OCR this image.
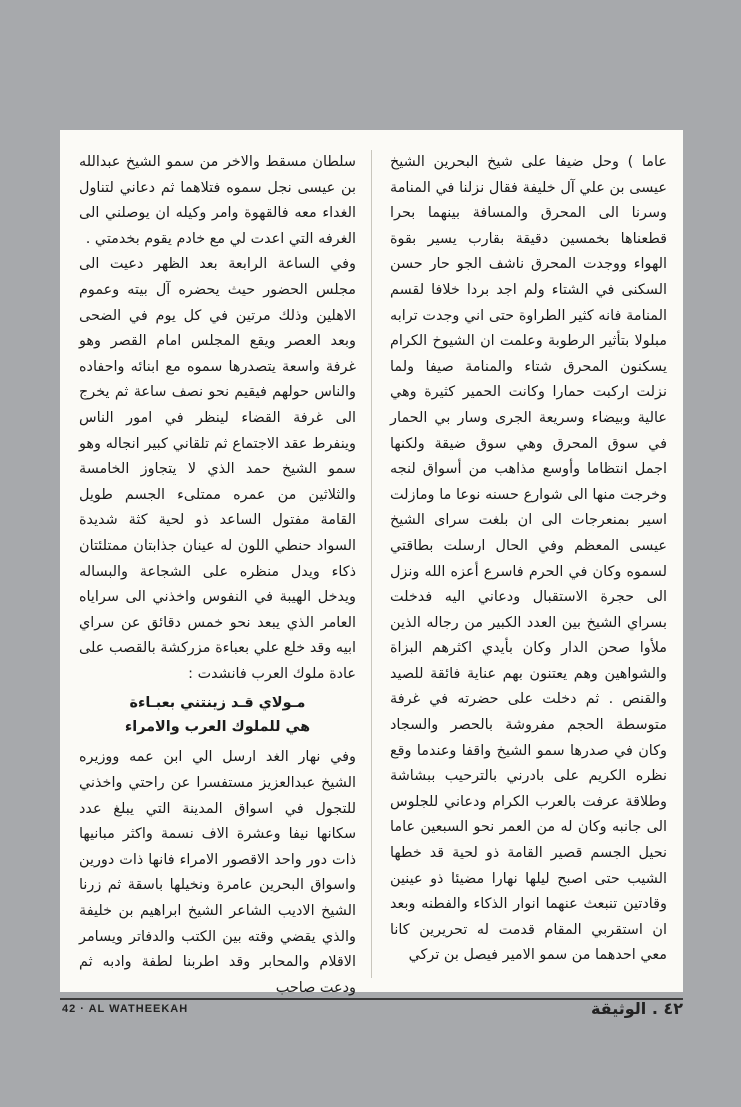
عاما ) وحل ضيفا على شيخ البحرين الشيخ عيسى بن علي آل خليفة فقال نزلنا في المنامة وسرنا الى المحرق والمسافة بينهما بحرا قطعناها بخمسين دقيقة بقارب يسير بقوة الهواء ووجدت المحرق ناشف الجو حار حسن السكنى في الشتاء ولم اجد بردا خلافا لقسم المنامة فانه كثير الطراوة حتى اني وجدت ترابه مبلولا بتأثير الرطوبة وعلمت ان الشيوخ الكرام يسكنون المحرق شتاء والمنامة صيفا ولما نزلت اركبت حمارا وكانت الحمير كثيرة وهي عالية وبيضاء وسريعة الجرى وسار بي الحمار في سوق المحرق وهي سوق ضيقة ولكنها اجمل انتظاما وأوسع مذاهب من أسواق لنجه وخرجت منها الى شوارع حسنه نوعا ما ومازلت اسير بمنعرجات الى ان بلغت سراى الشيخ عيسى المعظم وفي الحال ارسلت بطاقتي لسموه وكان في الحرم فاسرع أعزه الله ونزل الى حجرة الاستقبال ودعاني اليه فدخلت بسراي الشيخ بين العدد الكبير من رجاله الذين ملأوا صحن الدار وكان بأيدي اكثرهم البزاة والشواهين وهم يعتنون بهم عناية فائقة للصيد والقنص . ثم دخلت على حضرته في غرفة متوسطة الحجم مفروشة بالحصر والسجاد وكان في صدرها سمو الشيخ واقفا وعندما وقع نظره الكريم على بادرني بالترحيب ببشاشة وطلاقة عرفت بالعرب الكرام ودعاني للجلوس الى جانبه وكان له من العمر نحو السبعين عاما نحيل الجسم قصير القامة ذو لحية قد خطها الشيب حتى اصبح ليلها نهارا مضيئا ذو عينين وقادتين تنبعث عنهما انوار الذكاء والفطنه وبعد ان استقربي المقام قدمت له تحريرين كانا معي احدهما من سمو الامير فيصل بن تركي

سلطان مسقط والاخر من سمو الشيخ عبدالله بن عيسى نجل سموه فتلاهما ثم دعاني لتناول الغداء معه فالقهوة وامر وكيله ان يوصلني الى الغرفه التي اعدت لي مع خادم يقوم بخدمتي .

وفي الساعة الرابعة بعد الظهر دعيت الى مجلس الحضور حيث يحضره آل بيته وعموم الاهلين وذلك مرتين في كل يوم في الضحى وبعد العصر ويقع المجلس امام القصر وهو غرفة واسعة يتصدرها سموه مع ابنائه واحفاده والناس حولهم فيقيم نحو نصف ساعة ثم يخرج الى غرفة القضاء لينظر في امور الناس وينفرط عقد الاجتماع ثم تلقاني كبير انجاله وهو سمو الشيخ حمد الذي لا يتجاوز الخامسة والثلاثين من عمره ممتلىء الجسم طويل القامة مفتول الساعد ذو لحية كثة شديدة السواد حنطي اللون له عينان جذابتان ممتلئتان ذكاء ويدل منظره على الشجاعة والبساله ويدخل الهيبة في النفوس واخذني الى سراياه العامر الذي يبعد نحو خمس دقائق عن سراي ابيه وقد خلع علي بعباءة مزركشة بالقصب على عادة ملوك العرب فانشدت :

مـولاي قـد زينتني بعبـاءة
هي للملوك العرب والامراء

وفي نهار الغد ارسل الي ابن عمه ووزيره الشيخ عبدالعزيز مستفسرا عن راحتي واخذني للتجول في اسواق المدينة التي يبلغ عدد سكانها نيفا وعشرة الاف نسمة واكثر مبانيها ذات دور واحد الاقصور الامراء فانها ذات دورين واسواق البحرين عامرة ونخيلها باسقة ثم زرنا الشيخ الاديب الشاعر الشيخ ابراهيم بن خليفة والذي يقضي وقته بين الكتب والدفاتر ويسامر الاقلام والمحابر وقد اطربنا لطفة وادبه ثم ودعت صاحب

42 · AL WATHEEKAH	٤٢ . الوثيقة
